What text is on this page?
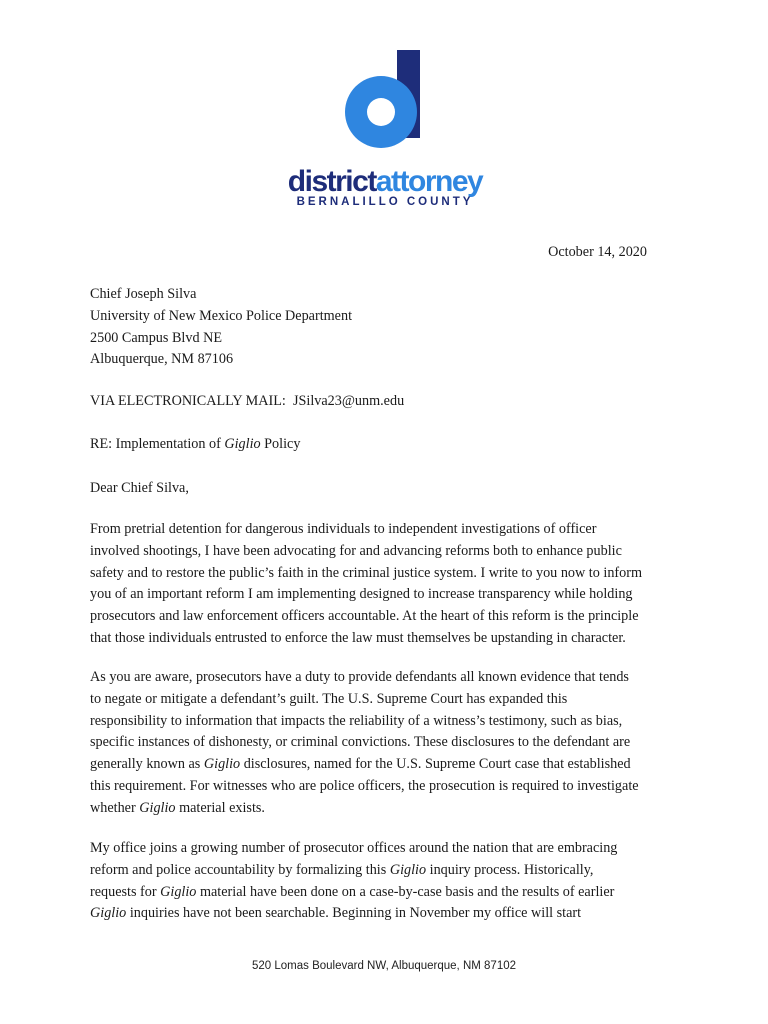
districtattorney
BERNALILLO COUNTY
October 14, 2020
Chief Joseph Silva
University of New Mexico Police Department
2500 Campus Blvd NE
Albuquerque, NM 87106
VIA ELECTRONICALLY MAIL: JSilva23@unm.edu
RE: Implementation of Giglio Policy
Dear Chief Silva,
From pretrial detention for dangerous individuals to independent investigations of officer
involved shootings, I have been advocating for and advancing reforms both to enhance public
safety and to restore the public’s faith in the criminal justice system. I write to you now to inform
you of an important reform I am implementing designed to increase transparency while holding
prosecutors and law enforcement officers accountable. At the heart of this reform is the principle
that those individuals entrusted to enforce the law must themselves be upstanding in character.
As you are aware, prosecutors have a duty to provide defendants all known evidence that tends
to negate or mitigate a defendant’s guilt. The U.S. Supreme Court has expanded this
responsibility to information that impacts the reliability of a witness’s testimony, such as bias,
specific instances of dishonesty, or criminal convictions. These disclosures to the defendant are
generally known as Giglio disclosures, named for the U.S. Supreme Court case that established
this requirement. For witnesses who are police officers, the prosecution is required to investigate
whether Giglio material exists.
My office joins a growing number of prosecutor offices around the nation that are embracing
reform and police accountability by formalizing this Giglio inquiry process. Historically,
requests for Giglio material have been done on a case-by-case basis and the results of earlier
Giglio inquiries have not been searchable. Beginning in November my office will start
520 Lomas Boulevard NW, Albuquerque, NM 87102
